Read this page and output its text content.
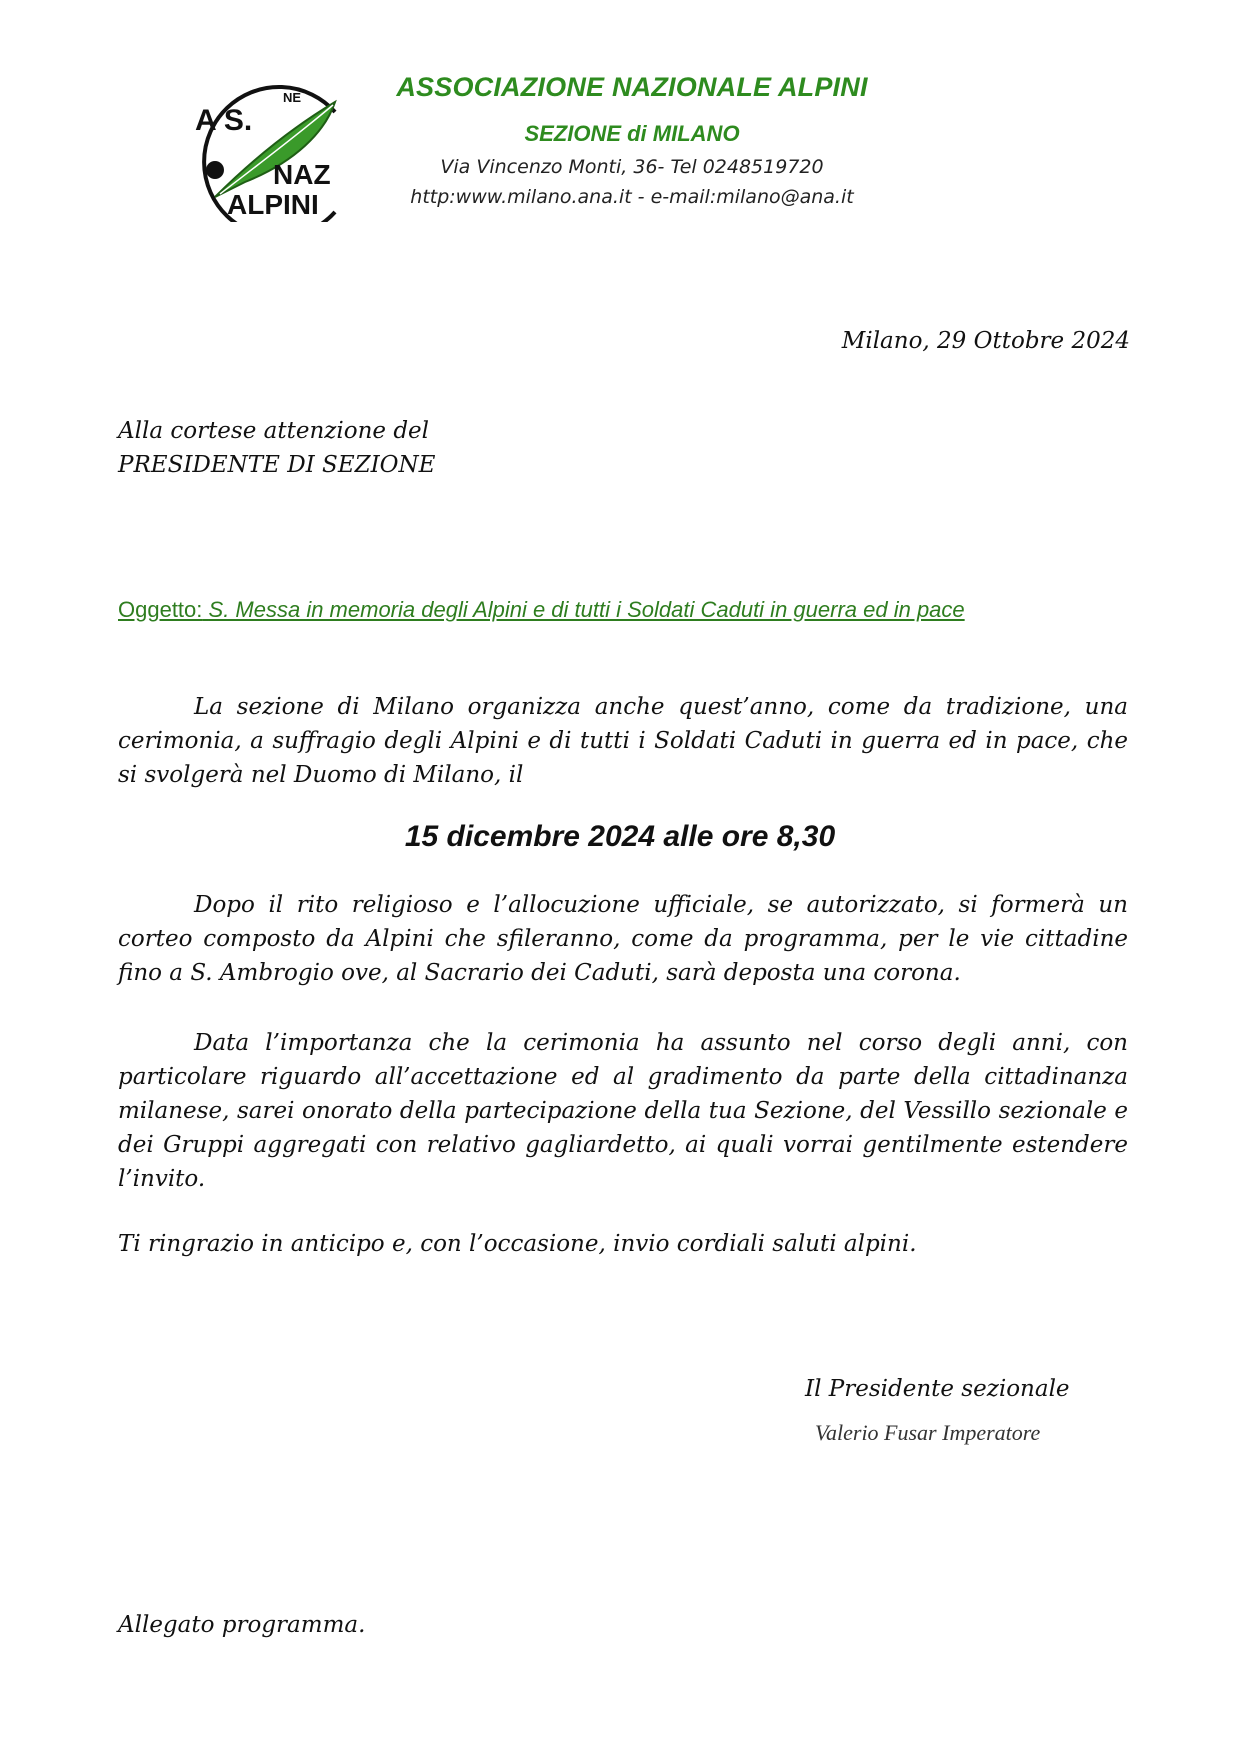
A S.
NE
NAZ
ALPINI
ASSOCIAZIONE NAZIONALE ALPINI
SEZIONE di MILANO
Via Vincenzo Monti, 36- Tel 0248519720
http:www.milano.ana.it - e-mail:milano@ana.it
Milano, 29 Ottobre 2024
Alla cortese attenzione del
PRESIDENTE DI SEZIONE
Oggetto: S. Messa in memoria degli Alpini e di tutti i Soldati Caduti in guerra ed in pace
La sezione di Milano organizza anche quest’anno, come da tradizione, una cerimonia, a suffragio degli Alpini e di tutti i Soldati Caduti in guerra ed in pace, che si svolgerà nel Duomo di Milano, il
15 dicembre 2024 alle ore 8,30
Dopo il rito religioso e l’allocuzione ufficiale, se autorizzato, si formerà un corteo composto da Alpini che sfileranno, come da programma, per le vie cittadine fino a S. Ambrogio ove, al Sacrario dei Caduti, sarà deposta una corona.
Data l’importanza che la cerimonia ha assunto nel corso degli anni, con particolare riguardo all’accettazione ed al gradimento da parte della cittadinanza milanese, sarei onorato della partecipazione della tua Sezione, del Vessillo sezionale e dei Gruppi aggregati con relativo gagliardetto, ai quali vorrai gentilmente estendere l’invito.
Ti ringrazio in anticipo e, con l’occasione, invio cordiali saluti alpini.
Il Presidente sezionale
Valerio Fusar Imperatore
Allegato programma.
